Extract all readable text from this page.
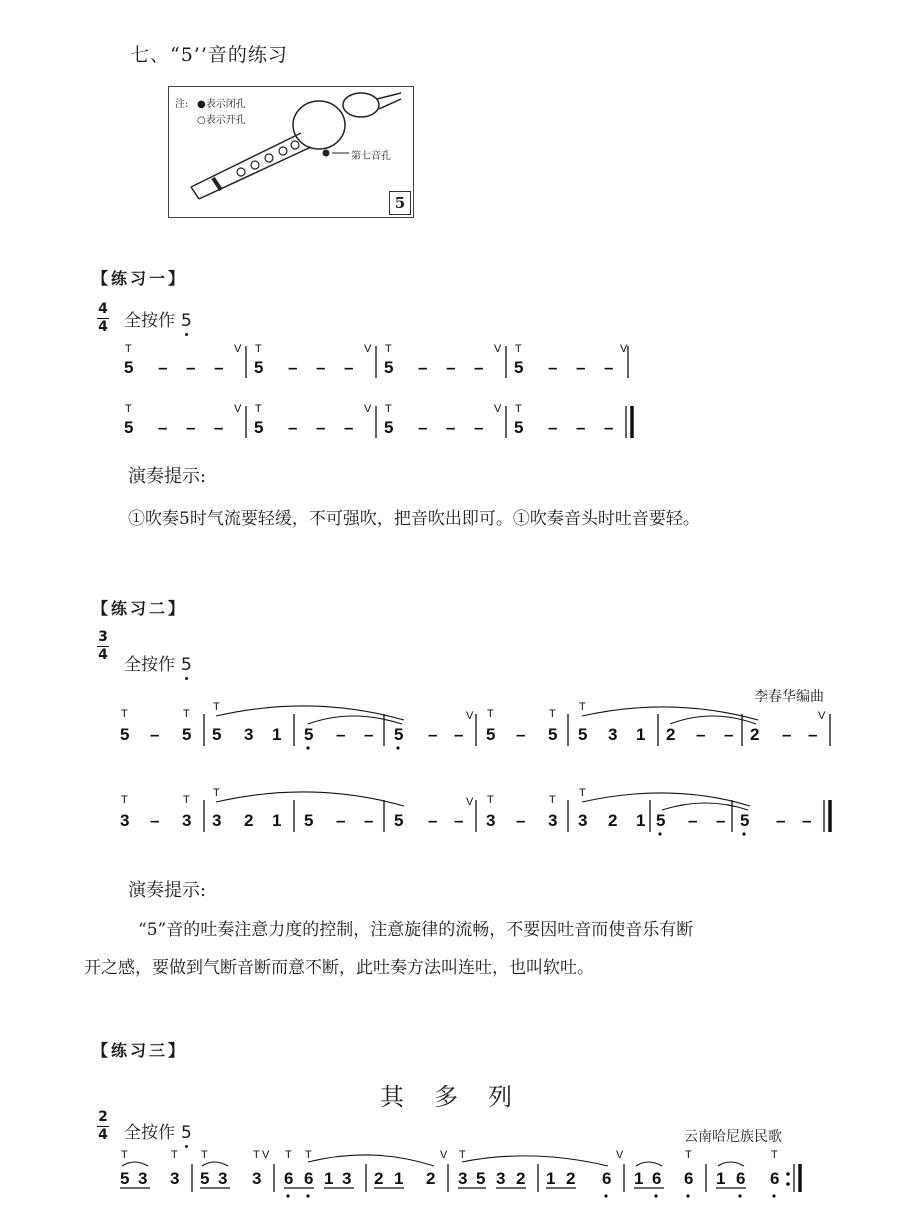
七、“5’’音的练习
注: ●表示闭孔
○表示开孔
第七音孔
5
【练习一】
4
4 全按作 5
5 – – – 5 – – – 5 – – – 5 – – –
T	T	T	T
V	V	V	V
5 – – – 5 – – – 5 – – – 5 – – –
T	T	T	T
V	V	V
演奏提示:
①吹奏5时气流要轻缓，不可强吹，把音吹出即可。①吹奏音头时吐音要轻。
【练习二】
3
4 全按作 5
李春华编曲
5 – 5 5 3 1 5 – – 5 – – 5 – 5 5 3 1 2 – – 2 – –
T	T
T
T	T
T
V	V
3 – 3 3 2 1 5 – – 5 – – 3 – 3 3 2 1 5 – – 5 – –
T	T
T
T	T
T
V
演奏提示:
“5”音的吐奏注意力度的控制，注意旋律的流畅，不要因吐音而使音乐有断
开之感，要做到气断音断而意不断，此吐奏方法叫连吐，也叫软吐。
【练习三】
其多列
2
4 全按作 5	云南哈尼族民歌
5 3 3 5 3 3 6 6 1 3 2 1 2 3 5 3 2 1 2 6 1 6 6 1 6 6
T	T T	T V T T	V T	V	T	T
